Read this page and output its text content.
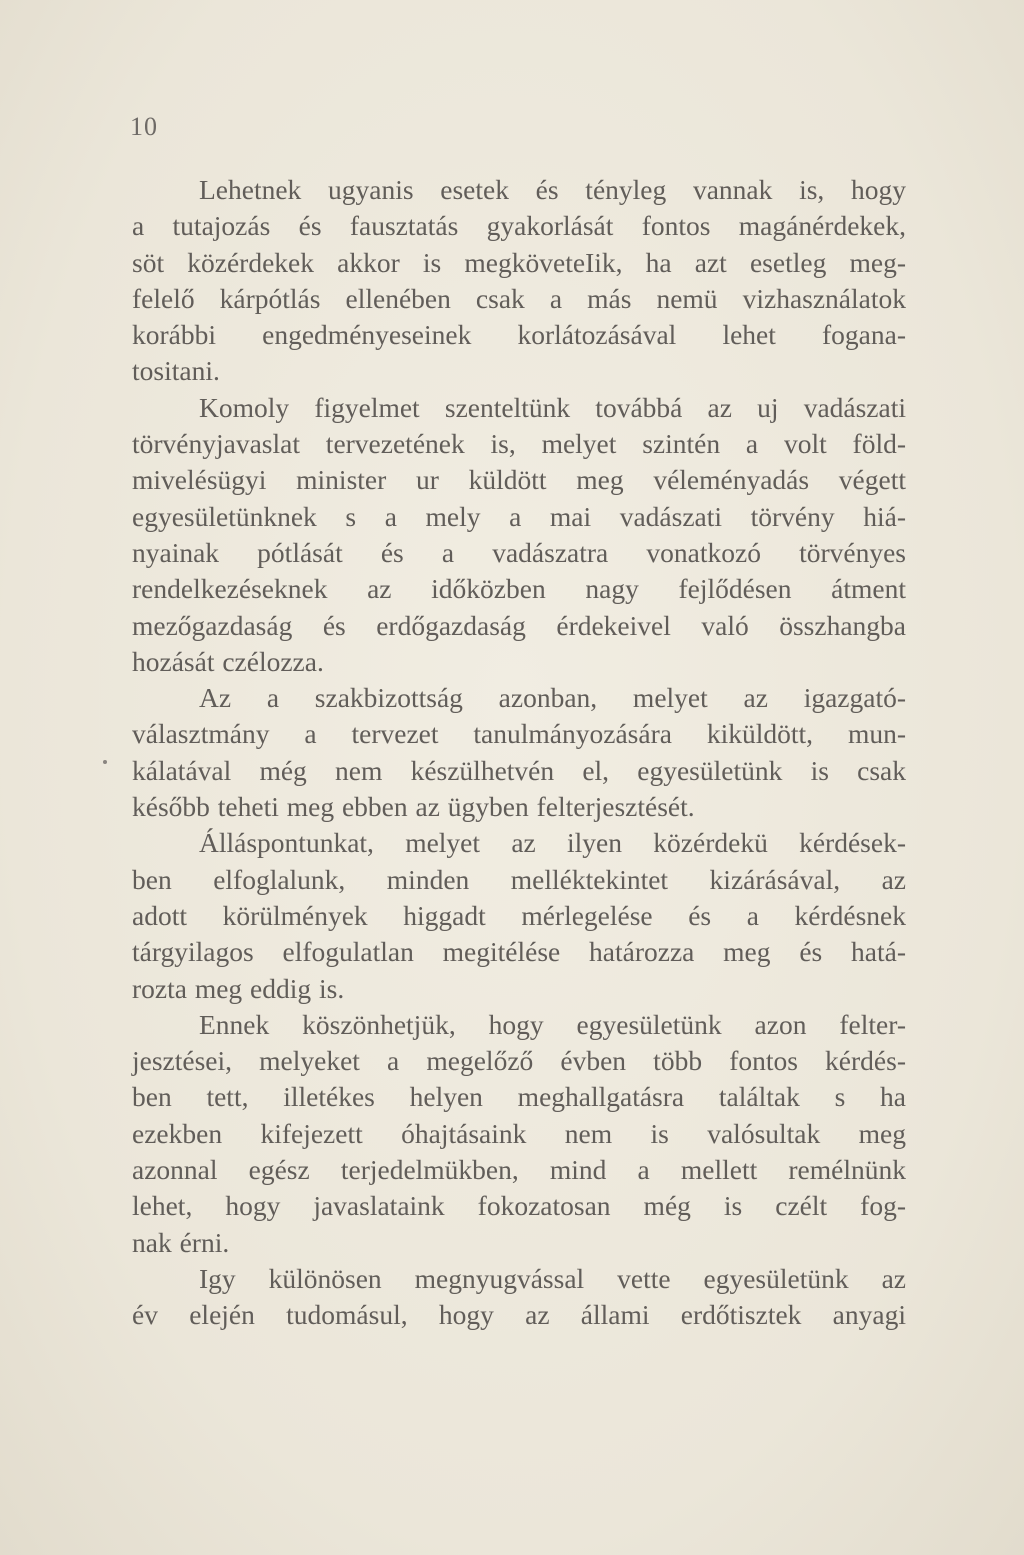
10
Lehetnek ugyanis esetek és tényleg vannak is, hogy
a tutajozás és fausztatás gyakorlását fontos magánérdekek,
söt közérdekek akkor is megköveteIik, ha azt esetleg meg-
felelő kárpótlás ellenében csak a más nemü vizhasználatok
korábbi engedményeseinek korlátozásával lehet fogana-
tositani.
Komoly figyelmet szenteltünk továbbá az uj vadászati
törvényjavaslat tervezetének is, melyet szintén a volt föld-
mivelésügyi minister ur küldött meg véleményadás végett
egyesületünknek s a mely a mai vadászati törvény hiá-
nyainak pótlását és a vadászatra vonatkozó törvényes
rendelkezéseknek az időközben nagy fejlődésen átment
mezőgazdaság és erdőgazdaság érdekeivel való összhangba
hozását czélozza.
Az a szakbizottság azonban, melyet az igazgató-
választmány a tervezet tanulmányozására kiküldött, mun-
kálatával még nem készülhetvén el, egyesületünk is csak
később teheti meg ebben az ügyben felterjesztését.
Álláspontunkat, melyet az ilyen közérdekü kérdések-
ben elfoglalunk, minden melléktekintet kizárásával, az
adott körülmények higgadt mérlegelése és a kérdésnek
tárgyilagos elfogulatlan megitélése határozza meg és hatá-
rozta meg eddig is.
Ennek köszönhetjük, hogy egyesületünk azon felter-
jesztései, melyeket a megelőző évben több fontos kérdés-
ben tett, illetékes helyen meghallgatásra találtak s ha
ezekben kifejezett óhajtásaink nem is valósultak meg
azonnal egész terjedelmükben, mind a mellett remélnünk
lehet, hogy javaslataink fokozatosan még is czélt fog-
nak érni.
Igy különösen megnyugvással vette egyesületünk az
év elején tudomásul, hogy az állami erdőtisztek anyagi
